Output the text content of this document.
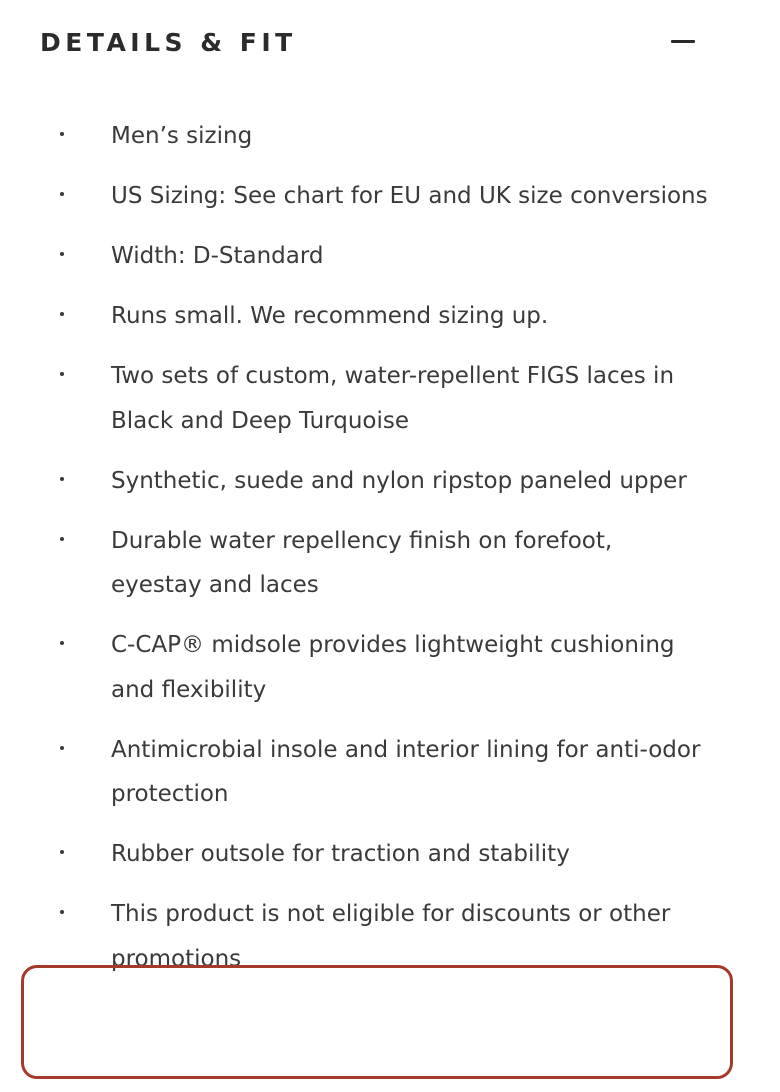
DETAILS & FIT
Men’s sizing
US Sizing: See chart for EU and UK size conversions
Width: D-Standard
Runs small. We recommend sizing up.
Two sets of custom, water-repellent FIGS laces in Black and Deep Turquoise
Synthetic, suede and nylon ripstop paneled upper
Durable water repellency finish on forefoot, eyestay and laces
C-CAP® midsole provides lightweight cushioning and flexibility
Antimicrobial insole and interior lining for anti-odor protection
Rubber outsole for traction and stability
This product is not eligible for discounts or other promotions
